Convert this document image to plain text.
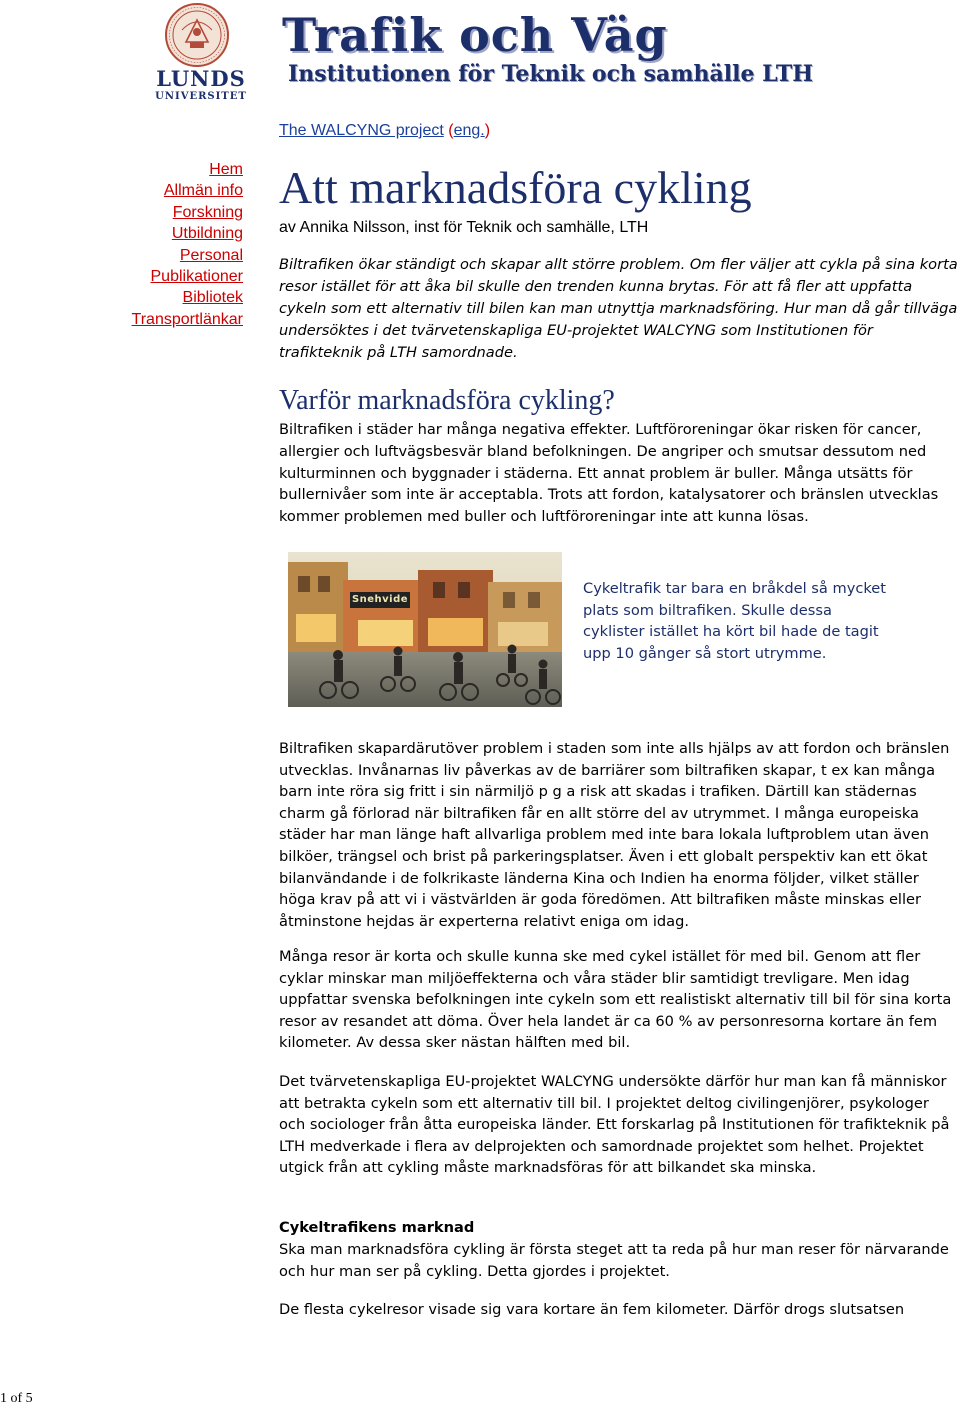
LUNDS
UNIVERSITET
Trafik och Väg
Institutionen för Teknik och samhälle LTH
Hem
Allmän info
Forskning
Utbildning
Personal
Publikationer
Bibliotek
Transportlänkar
The WALCYNG project (eng.)
Att marknadsföra cykling
av Annika Nilsson, inst för Teknik och samhälle, LTH

Biltrafiken ökar ständigt och skapar allt större problem. Om fler väljer att cykla på sina korta resor istället för att åka bil skulle den trenden kunna brytas. För att få fler att uppfatta cykeln som ett alternativ till bilen kan man utnyttja marknadsföring. Hur man då går tillväga undersöktes i det tvärvetenskapliga EU-projektet WALCYNG som Institutionen för trafikteknik på LTH samordnade.

Varför marknadsföra cykling?

Biltrafiken i städer har många negativa effekter. Luftföroreningar ökar risken för cancer, allergier och luftvägsbesvär bland befolkningen. De angriper och smutsar dessutom ned kulturminnen och byggnader i städerna. Ett annat problem är buller. Många utsätts för bullernivåer som inte är acceptabla. Trots att fordon, katalysatorer och bränslen utvecklas kommer problemen med buller och luftföroreningar inte att kunna lösas.

Snehvide

Cykeltrafik tar bara en bråkdel så mycket plats som biltrafiken. Skulle dessa cyklister istället ha kört bil hade de tagit upp 10 gånger så stort utrymme.

Biltrafiken skapardärutöver problem i staden som inte alls hjälps av att fordon och bränslen utvecklas. Invånarnas liv påverkas av de barriärer som biltrafiken skapar, t ex kan många barn inte röra sig fritt i sin närmiljö p g a risk att skadas i trafiken. Därtill kan städernas charm gå förlorad när biltrafiken får en allt större del av utrymmet. I många europeiska städer har man länge haft allvarliga problem med inte bara lokala luftproblem utan även bilköer, trängsel och brist på parkeringsplatser. Även i ett globalt perspektiv kan ett ökat bilanvändande i de folkrikaste länderna Kina och Indien ha enorma följder, vilket ställer höga krav på att vi i västvärlden är goda föredömen. Att biltrafiken måste minskas eller åtminstone hejdas är experterna relativt eniga om idag.

Många resor är korta och skulle kunna ske med cykel istället för med bil. Genom att fler cyklar minskar man miljöeffekterna och våra städer blir samtidigt trevligare. Men idag uppfattar svenska befolkningen inte cykeln som ett realistiskt alternativ till bil för sina korta resor av resandet att döma. Över hela landet är ca 60 % av personresorna kortare än fem kilometer. Av dessa sker nästan hälften med bil.

Det tvärvetenskapliga EU-projektet WALCYNG undersökte därför hur man kan få människor att betrakta cykeln som ett alternativ till bil. I projektet deltog civilingenjörer, psykologer och sociologer från åtta europeiska länder. Ett forskarlag på Institutionen för trafikteknik på LTH medverkade i flera av delprojekten och samordnade projektet som helhet. Projektet utgick från att cykling måste marknadsföras för att bilkandet ska minska.

Cykeltrafikens marknad

Ska man marknadsföra cykling är första steget att ta reda på hur man reser för närvarande och hur man ser på cykling. Detta gjordes i projektet.

De flesta cykelresor visade sig vara kortare än fem kilometer. Därför drogs slutsatsen

1 of 5
